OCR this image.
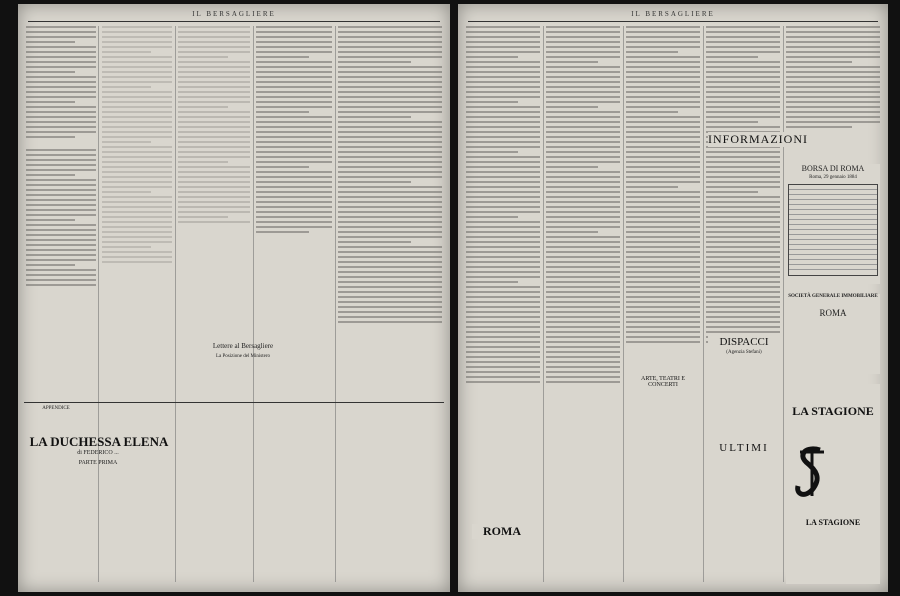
IL BERSAGLIERE
Lettere al Bersagliere
La Posizione del Ministero
APPENDICE
LA DUCHESSA ELENA
di FEDERICO ...
PARTE PRIMA
IL BERSAGLIERE
ROMA
ARTE, TEATRI E CONCERTI
INFORMAZIONI
BORSA DI ROMA
Roma, 29 gennaio 1884
SOCIETÀ GENERALE IMMOBILIARE
ROMA
DISPACCI
(Agenzia Stefani)
ULTIMI
LA STAGIONE
LA STAGIONE
